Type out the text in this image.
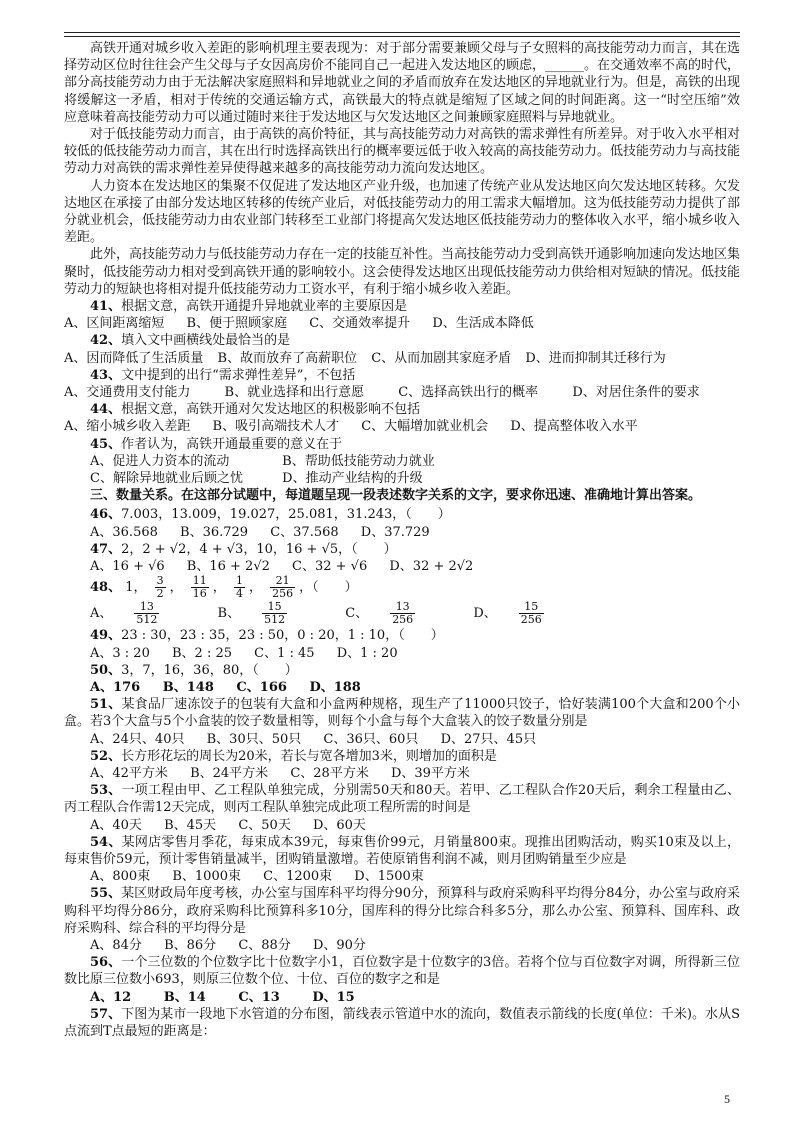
高铁开通对城乡收入差距的影响机理主要表现为：对于部分需要兼顾父母与子女照料的高技能劳动力而言，其在选择劳动区位时往往会产生父母与子女因高房价不能同自己一起进入发达地区的顾虑，______。在交通效率不高的时代，部分高技能劳动力由于无法解决家庭照料和异地就业之间的矛盾而放弃在发达地区的异地就业行为。但是，高铁的出现将缓解这一矛盾，相对于传统的交通运输方式，高铁最大的特点就是缩短了区域之间的时间距离。这一“时空压缩”效应意味着高技能劳动力可以通过随时来往于发达地区与欠发达地区之间兼顾家庭照料与异地就业。

对于低技能劳动力而言，由于高铁的高价特征，其与高技能劳动力对高铁的需求弹性有所差异。对于收入水平相对较低的低技能劳动力而言，其在出行时选择高铁出行的概率要远低于收入较高的高技能劳动力。低技能劳动力与高技能劳动力对高铁的需求弹性差异使得越来越多的高技能劳动力流向发达地区。

人力资本在发达地区的集聚不仅促进了发达地区产业升级，也加速了传统产业从发达地区向欠发达地区转移。欠发达地区在承接了由部分发达地区转移的传统产业后，对低技能劳动力的用工需求大幅增加。这为低技能劳动力提供了部分就业机会，低技能劳动力由农业部门转移至工业部门将提高欠发达地区低技能劳动力的整体收入水平，缩小城乡收入差距。

此外，高技能劳动力与低技能劳动力存在一定的技能互补性。当高技能劳动力受到高铁开通影响加速向发达地区集聚时，低技能劳动力相对受到高铁开通的影响较小。这会使得发达地区出现低技能劳动力供给相对短缺的情况。低技能劳动力的短缺也将相对提升低技能劳动力工资水平，有利于缩小城乡收入差距。

41、根据文意，高铁开通提升异地就业率的主要原因是

A、区间距离缩短 B、便于照顾家庭 C、交通效率提升 D、生活成本降低

42、填入文中画横线处最恰当的是

A、因而降低了生活质量 B、故而放弃了高薪职位 C、从而加剧其家庭矛盾 D、进而抑制其迁移行为

43、文中提到的出行“需求弹性差异”，不包括

A、交通费用支付能力	B、就业选择和出行意愿	C、选择高铁出行的概率	D、对居住条件的要求

44、根据文意，高铁开通对欠发达地区的积极影响不包括

A、缩小城乡收入差距 B、吸引高端技术人才 C、大幅增加就业机会 D、提高整体收入水平

45、作者认为，高铁开通最重要的意义在于

A、促进人力资本的流动	B、帮助低技能劳动力就业

C、解除异地就业后顾之忧	D、推动产业结构的升级

三、数量关系。在这部分试题中，每道题呈现一段表述数字关系的文字，要求你迅速、准确地计算出答案。

46、7.003，13.009，19.027，25.081，31.243，（　　）

A、36.568 B、36.729 C、37.568 D、37.729

47、2，2 + √2，4 + √3，10，16 + √5，（　　）

A、16 + √6 B、16 + 2√2 C、32 + √6 D、32 + 2√2

48、 1， $\frac{3}{2}$ ， $\frac{11}{16}$ ， $\frac{1}{4}$ ， $\frac{21}{256}$ ，（　　）

A、 $\frac{13}{512}$	B、 $\frac{15}{512}$	C、 $\frac{13}{256}$	D、 $\frac{15}{256}$

49、23 : 30，23 : 35，23 : 50，0 : 20，1 : 10，（　　）

A、3 : 20 B、2 : 25 C、1 : 45 D、1 : 20

50、3，7，16，36，80，（　　）

A、176 B、148 C、166 D、188

51、某食品厂速冻饺子的包装有大盒和小盒两种规格，现生产了11000只饺子，恰好装满100个大盒和200个小盒。若3个大盒与5个小盒装的饺子数量相等，则每个小盒与每个大盒装入的饺子数量分别是

A、24只、40只 B、30只、50只 C、36只、60只 D、27只、45只

52、长方形花坛的周长为20米，若长与宽各增加3米，则增加的面积是

A、42平方米 B、24平方米 C、28平方米 D、39平方米

53、一项工程由甲、乙工程队单独完成，分别需50天和80天。若甲、乙工程队合作20天后，剩余工程量由乙、丙工程队合作需12天完成，则丙工程队单独完成此项工程所需的时间是

A、40天 B、45天 C、50天 D、60天

54、某网店零售月季花，每束成本39元，每束售价99元，月销量800束。现推出团购活动，购买10束及以上，每束售价59元，预计零售销量减半，团购销量激增。若使原销售利润不减，则月团购销量至少应是

A、800束 B、1000束 C、1200束 D、1500束

55、某区财政局年度考核，办公室与国库科平均得分90分，预算科与政府采购科平均得分84分，办公室与政府采购科平均得分86分，政府采购科比预算科多10分，国库科的得分比综合科多5分，那么办公室、预算科、国库科、政府采购科、综合科的平均得分是

A、84分 B、86分 C、88分 D、90分

56、一个三位数的个位数字比十位数字小1，百位数字是十位数字的3倍。若将个位与百位数字对调，所得新三位数比原三位数小693，则原三位数个位、十位、百位的数字之和是

A、12	B、14	C、13	D、15

57、下图为某市一段地下水管道的分布图，箭线表示管道中水的流向，数值表示箭线的长度(单位：千米)。水从S点流到T点最短的距离是：

5
